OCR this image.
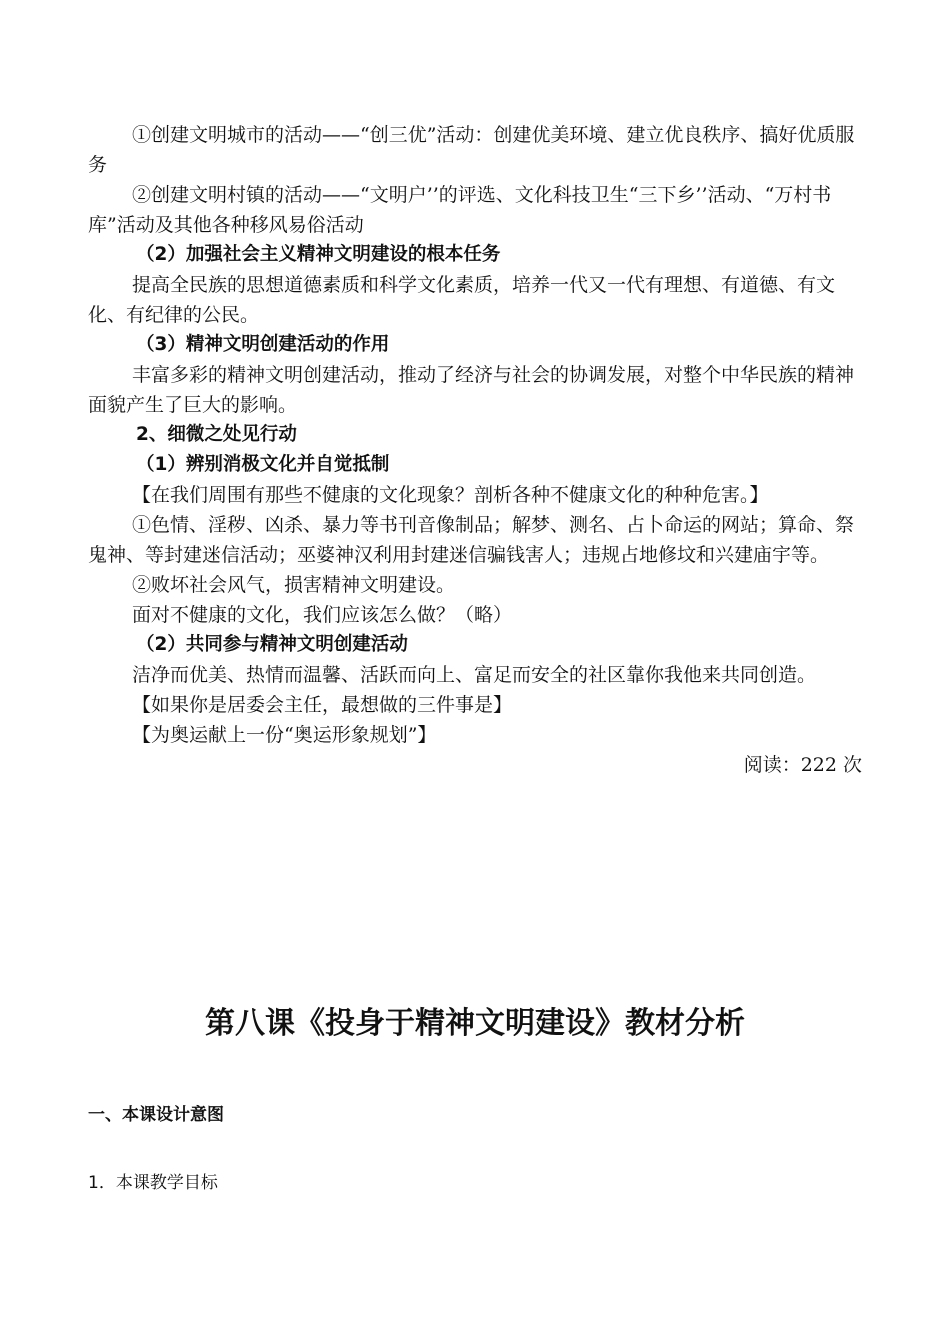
①创建文明城市的活动——“创三优”活动：创建优美环境、建立优良秩序、搞好优质服务

②创建文明村镇的活动——“文明户’’的评选、文化科技卫生“三下乡’’活动、“万村书库”活动及其他各种移风易俗活动

（2）加强社会主义精神文明建设的根本任务

提高全民族的思想道德素质和科学文化素质，培养一代又一代有理想、有道德、有文化、有纪律的公民。

（3）精神文明创建活动的作用

丰富多彩的精神文明创建活动，推动了经济与社会的协调发展，对整个中华民族的精神面貌产生了巨大的影响。

2、细微之处见行动

（1）辨别消极文化并自觉抵制

【在我们周围有那些不健康的文化现象？剖析各种不健康文化的种种危害。】

①色情、淫秽、凶杀、暴力等书刊音像制品；解梦、测名、占卜命运的网站；算命、祭鬼神、等封建迷信活动；巫婆神汉利用封建迷信骗钱害人；违规占地修坟和兴建庙宇等。

②败坏社会风气，损害精神文明建设。

面对不健康的文化，我们应该怎么做？（略）

（2）共同参与精神文明创建活动

洁净而优美、热情而温馨、活跃而向上、富足而安全的社区靠你我他来共同创造。

【如果你是居委会主任，最想做的三件事是】

【为奥运献上一份“奥运形象规划”】

阅读：222 次

第八课《投身于精神文明建设》教材分析
一、本课设计意图
1．本课教学目标
